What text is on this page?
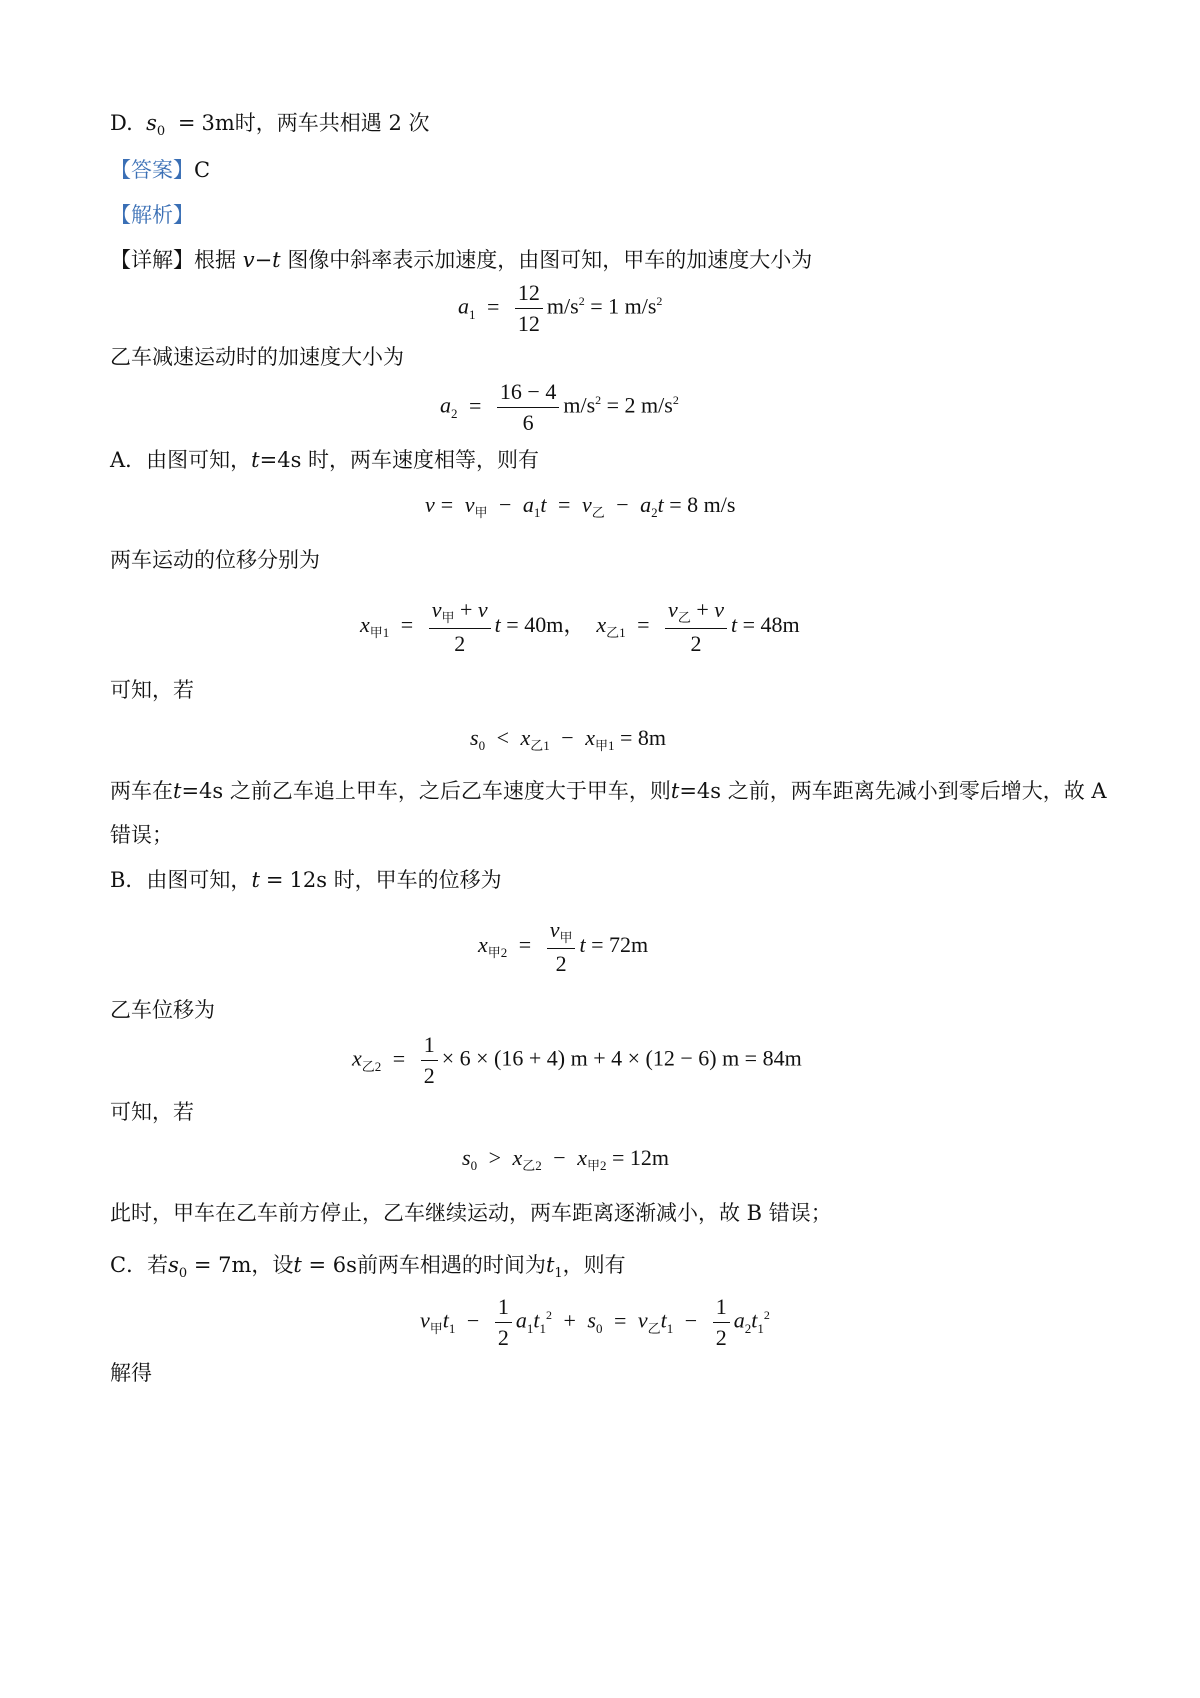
D. $s_0 = 3m$时，两车共相遇 2 次
【答案】C
【解析】
【详解】根据 v−t 图像中斜率表示加速度，由图可知，甲车的加速度大小为
$a_1 = \frac{12}{12} m/s^2 = 1$ $m/s^2$
乙车减速运动时的加速度大小为
$a_2 = \frac{16 - 4}{6} m/s^2 = 2$ $m/s^2$
A．由图可知，t=4s 时，两车速度相等，则有
$v = v_甲 - a_1t = v_乙 - a_2t = 8$ m/s
两车运动的位移分别为
$x_{甲1} = \frac{v_甲 + v}{2}$ t = 40m， $x_{乙1} = \frac{v_乙 + v}{2}$ t = 48m
可知，若
$s_0 < x_{乙1} - x_{甲1} = 8m$
两车在t=4s 之前乙车追上甲车，之后乙车速度大于甲车，则t=4s 之前，两车距离先减小到零后增大，故 A
错误；
B．由图可知，t = 12s 时，甲车的位移为
$x_{甲2} = \frac{v_甲}{2}$ t = 72m
乙车位移为
$x_{乙2} = \frac{1}{2} \times 6 \times (16 + 4) m + 4 \times (12 - 6) m = 84m$
可知，若
$s_0 > x_{乙2} - x_{甲2} = 12m$
此时，甲车在乙车前方停止，乙车继续运动，两车距离逐渐减小，故 B 错误；
C．若$s_0 = 7m$，设t = 6s前两车相遇的时间为$t_1$，则有
$v_甲t_1 - \frac{1}{2} a_1t_1^2 + s_0 = v_乙t_1 - \frac{1}{2} a_2t_1^2$
解得
